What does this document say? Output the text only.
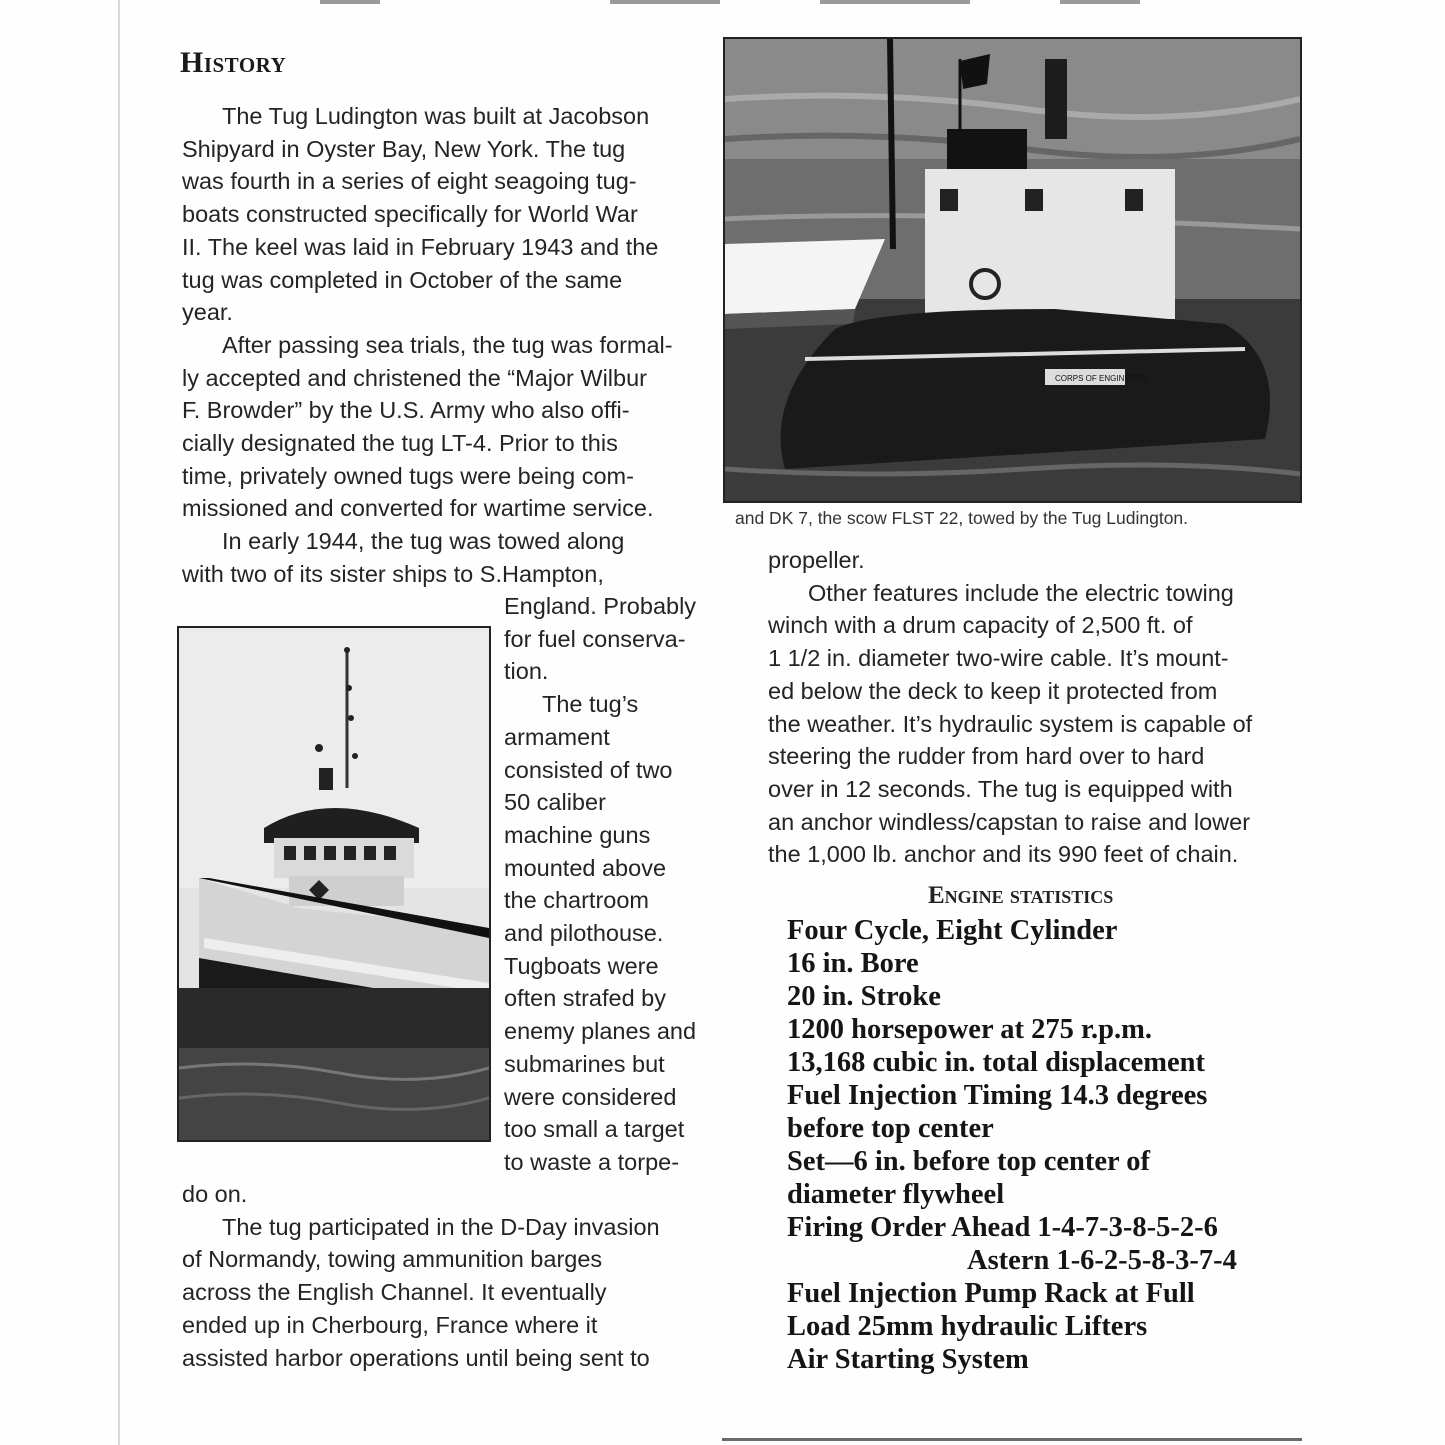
History
The Tug Ludington was built at Jacobson
Shipyard in Oyster Bay, New York. The tug
was fourth in a series of eight seagoing tug-
boats constructed specifically for World War
II. The keel was laid in February 1943 and the
tug was completed in October of the same
year.
After passing sea trials, the tug was formal-
ly accepted and christened the “Major Wilbur
F. Browder” by the U.S. Army who also offi-
cially designated the tug LT-4. Prior to this
time, privately owned tugs were being com-
missioned and converted for wartime service.
In early 1944, the tug was towed along
with two of its sister ships to S.Hampton,
England. Probably
for fuel conserva-
tion.
The tug’s
armament
consisted of two
50 caliber
machine guns
mounted above
the chartroom
and pilothouse.
Tugboats were
often strafed by
enemy planes and
submarines but
were considered
too small a target
to waste a torpe-
do on.
The tug participated in the D-Day invasion
of Normandy, towing ammunition barges
across the English Channel. It eventually
ended up in Cherbourg, France where it
assisted harbor operations until being sent to
CORPS OF ENGINEERS

and DK 7, the scow FLST 22, towed by the Tug Ludington.

propeller.
Other features include the electric towing
winch with a drum capacity of 2,500 ft. of
1 1/2 in. diameter two-wire cable. It’s mount-
ed below the deck to keep it protected from
the weather. It’s hydraulic system is capable of
steering the rudder from hard over to hard
over in 12 seconds. The tug is equipped with
an anchor windless/capstan to raise and lower
the 1,000 lb. anchor and its 990 feet of chain.
Engine statistics
Four Cycle, Eight Cylinder
16 in. Bore
20 in. Stroke
1200 horsepower at 275 r.p.m.
13,168 cubic in. total displacement
Fuel Injection Timing 14.3 degrees
before top center
Set—6 in. before top center of
diameter flywheel
Firing Order Ahead 1-4-7-3-8-5-2-6
Astern 1-6-2-5-8-3-7-4
Fuel Injection Pump Rack at Full
Load 25mm hydraulic Lifters
Air Starting System
